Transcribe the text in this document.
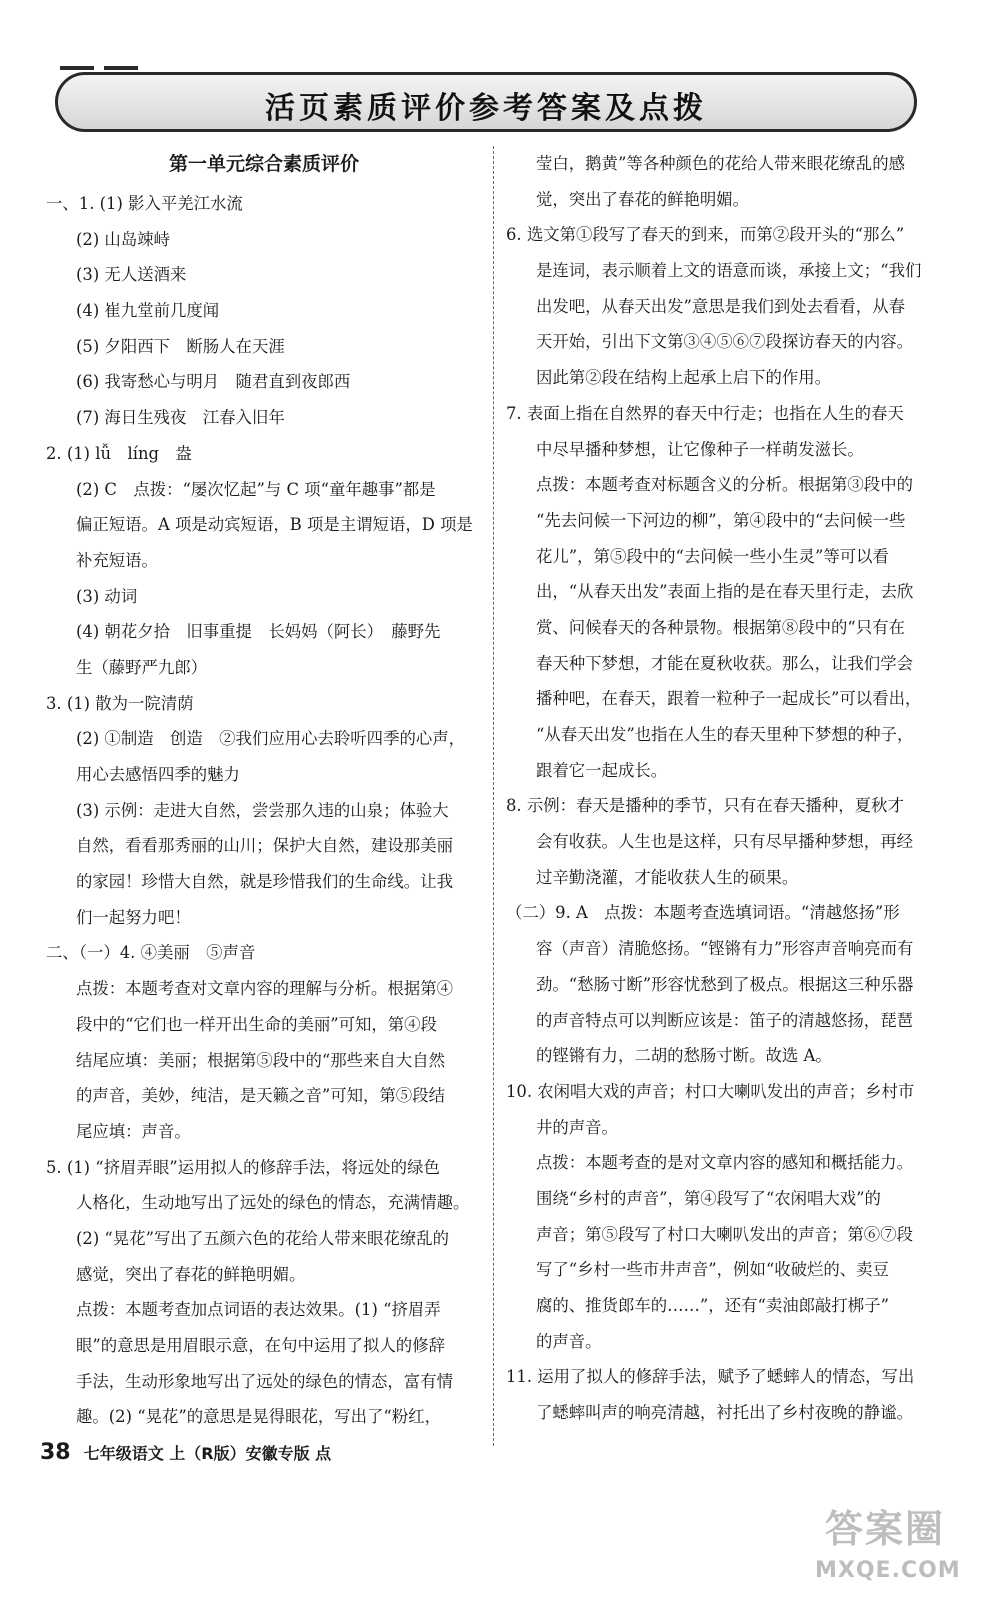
活页素质评价参考答案及点拨
第一单元综合素质评价
一、1. (1) 影入平羌江水流
(2) 山岛竦峙
(3) 无人送酒来
(4) 崔九堂前几度闻
(5) 夕阳西下　断肠人在天涯
(6) 我寄愁心与明月　随君直到夜郎西
(7) 海日生残夜　江春入旧年
2. (1) lǚ　líng　盎
(2) C　点拨：“屡次忆起”与 C 项“童年趣事”都是
偏正短语。A 项是动宾短语，B 项是主谓短语，D 项是
补充短语。
(3) 动词
(4) 朝花夕拾　旧事重提　长妈妈（阿长）　藤野先
生（藤野严九郎）
3. (1) 散为一院清荫
(2) ①制造　创造　②我们应用心去聆听四季的心声，
用心去感悟四季的魅力
(3) 示例：走进大自然，尝尝那久违的山泉；体验大
自然，看看那秀丽的山川；保护大自然，建设那美丽
的家园！珍惜大自然，就是珍惜我们的生命线。让我
们一起努力吧！
二、（一）4. ④美丽　⑤声音
点拨：本题考查对文章内容的理解与分析。根据第④
段中的“它们也一样开出生命的美丽”可知，第④段
结尾应填：美丽；根据第⑤段中的“那些来自大自然
的声音，美妙，纯洁，是天籁之音”可知，第⑤段结
尾应填：声音。
5. (1) “挤眉弄眼”运用拟人的修辞手法，将远处的绿色
人格化，生动地写出了远处的绿色的情态，充满情趣。
(2) “晃花”写出了五颜六色的花给人带来眼花缭乱的
感觉，突出了春花的鲜艳明媚。
点拨：本题考查加点词语的表达效果。(1) “挤眉弄
眼”的意思是用眉眼示意，在句中运用了拟人的修辞
手法，生动形象地写出了远处的绿色的情态，富有情
趣。(2) “晃花”的意思是晃得眼花，写出了“粉红，
莹白，鹅黄”等各种颜色的花给人带来眼花缭乱的感
觉，突出了春花的鲜艳明媚。
6. 选文第①段写了春天的到来，而第②段开头的“那么”
是连词，表示顺着上文的语意而谈，承接上文；“我们
出发吧，从春天出发”意思是我们到处去看看，从春
天开始，引出下文第③④⑤⑥⑦段探访春天的内容。
因此第②段在结构上起承上启下的作用。
7. 表面上指在自然界的春天中行走；也指在人生的春天
中尽早播种梦想，让它像种子一样萌发滋长。
点拨：本题考查对标题含义的分析。根据第③段中的
“先去问候一下河边的柳”，第④段中的“去问候一些
花儿”，第⑤段中的“去问候一些小生灵”等可以看
出，“从春天出发”表面上指的是在春天里行走，去欣
赏、问候春天的各种景物。根据第⑧段中的“只有在
春天种下梦想，才能在夏秋收获。那么，让我们学会
播种吧，在春天，跟着一粒种子一起成长”可以看出，
“从春天出发”也指在人生的春天里种下梦想的种子，
跟着它一起成长。
8. 示例：春天是播种的季节，只有在春天播种，夏秋才
会有收获。人生也是这样，只有尽早播种梦想，再经
过辛勤浇灌，才能收获人生的硕果。
（二）9. A　点拨：本题考查选填词语。“清越悠扬”形
容（声音）清脆悠扬。“铿锵有力”形容声音响亮而有
劲。“愁肠寸断”形容忧愁到了极点。根据这三种乐器
的声音特点可以判断应该是：笛子的清越悠扬，琵琶
的铿锵有力，二胡的愁肠寸断。故选 A。
10. 农闲唱大戏的声音；村口大喇叭发出的声音；乡村市
井的声音。
点拨：本题考查的是对文章内容的感知和概括能力。
围绕“乡村的声音”，第④段写了“农闲唱大戏”的
声音；第⑤段写了村口大喇叭发出的声音；第⑥⑦段
写了“乡村一些市井声音”，例如“收破烂的、卖豆
腐的、推货郎车的……”，还有“卖油郎敲打梆子”
的声音。
11. 运用了拟人的修辞手法，赋予了蟋蟀人的情态，写出
了蟋蟀叫声的响亮清越，衬托出了乡村夜晚的静谧。
38 七年级语文 上（R版）安徽专版 点
答案圈
MXQE.COM
